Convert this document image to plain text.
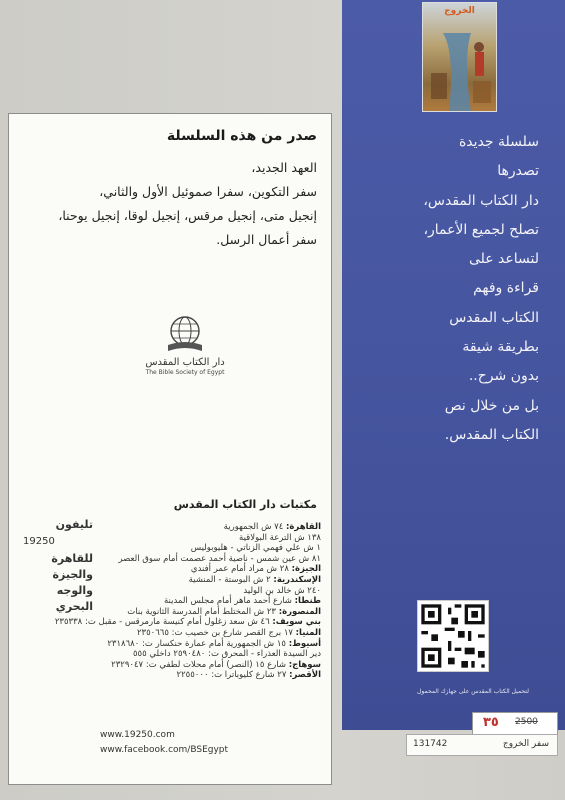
صدر من هذه السلسلة
العهد الجديد،
سفر التكوين، سفرا صموئيل الأول والثاني،
إنجيل متى، إنجيل مرقس، إنجيل لوقا، إنجيل يوحنا،
سفر أعمال الرسل.
مكتبات دار الكتاب المقدس
القاهرة: ٧٤ ش الجمهورية
١٣٨ ش الترعة البولاقية
١ ش علي فهمي الزناتي - هليوبوليس
٨١ ش عين شمس - ناصية أحمد عصمت أمام سوق العصر
الجيزة: ٢٨ ش مراد أمام عمر أفندي
الإسكندرية: ٢ ش البوستة - المنشية
٢٤٠ ش خالد بن الوليد
طنطا: شارع أحمد ماهر أمام مجلس المدينة
المنصورة: ٢٣ ش المختلط أمام المدرسة الثانوية بنات
بني سويف: ٤٦ ش سعد زغلول أمام كنيسة مارمرقس - مقبل ت: ٢٣٥٣٣٨
المنيا: ١٧ برج القصر شارع بن خصيب ت: ٢٣٥٠٦٦٥
أسيوط: ١٥ ش الجمهورية أمام عمارة حنكسار ت: ٢٣١٨٦٨٠
دير السيدة العذراء - المحرق ت: ٢٥٩٠٤٨٠ داخلي ٥٥٥
سوهاج: شارع ١٥ (النصر) أمام محلات لطفي ت: ٢٣٢٩٠٤٧
الأقصر: ٢٧ شارع كليوباترا ت: ٢٢٥٥٠٠٠
تليفون
19250
للقاهرة
والجيزة
والوجه
البحري
دار الكتاب المقدس
The Bible Society of Egypt
www.19250.com
www.facebook.com/BSEgypt
الخروج
سلسلة جديدة
تصدرها
دار الكتاب المقدس،
تصلح لجميع الأعمار،
لتساعد على
قراءة وفهم
الكتاب المقدس
بطريقة شيقة
بدون شرح..
بل من خلال نص
الكتاب المقدس.
لتحميل الكتاب المقدس على جهازك المحمول
٣٥ 2500
131742	سفر الخروج
